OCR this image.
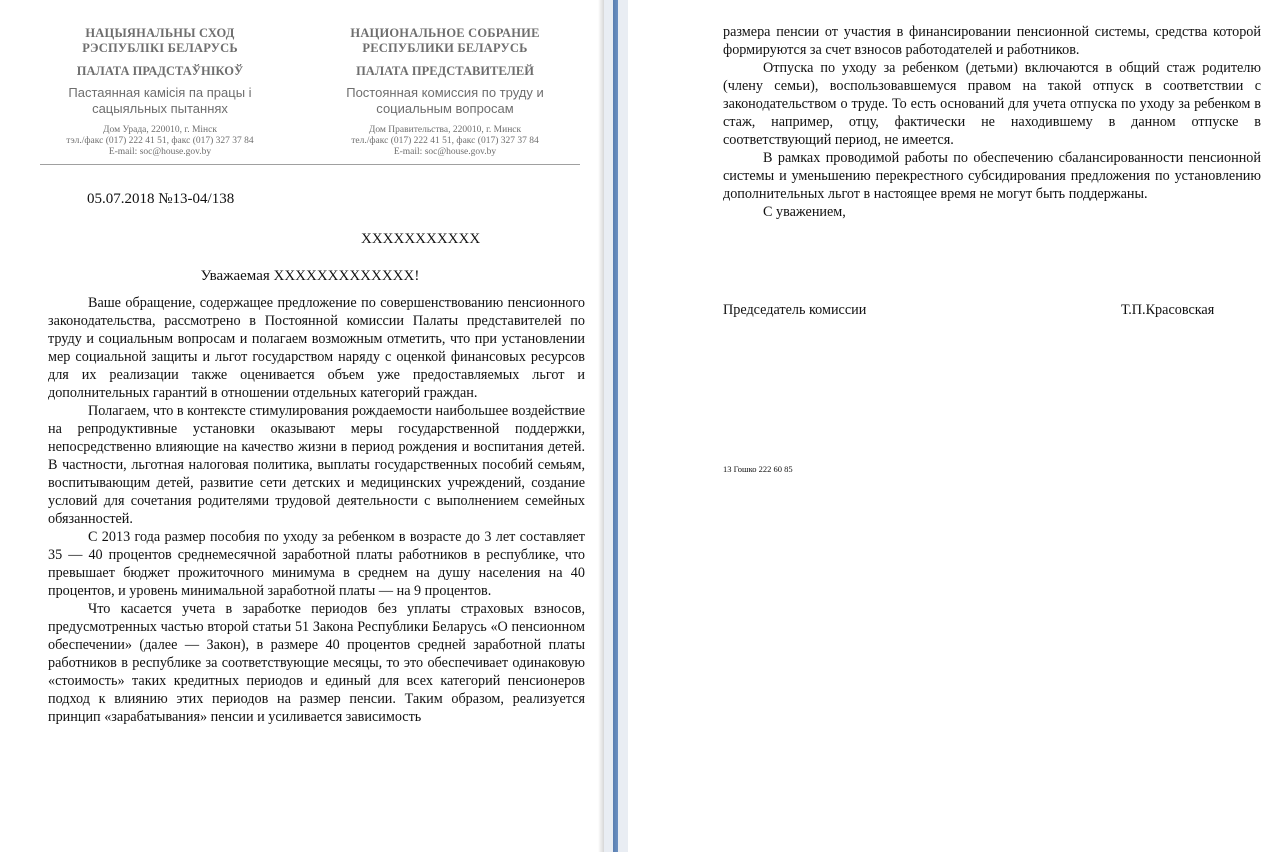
НАЦЫЯНАЛЬНЫ СХОД
РЭСПУБЛІКІ БЕЛАРУСЬ
ПАЛАТА ПРАДСТАЎНІКОЎ
Пастаянная камісія па працы і
сацыяльных пытаннях
Дом Урада, 220010, г. Мінск
тэл./факс (017) 222 41 51, факс (017) 327 37 84
E-mail: soc@house.gov.by
НАЦИОНАЛЬНОЕ СОБРАНИЕ
РЕСПУБЛИКИ БЕЛАРУСЬ
ПАЛАТА ПРЕДСТАВИТЕЛЕЙ
Постоянная комиссия по труду и
социальным вопросам
Дом Правительства, 220010, г. Минск
тел./факс (017) 222 41 51, факс (017) 327 37 84
E-mail: soc@house.gov.by
05.07.2018 №13-04/138
ХХХХХХХХХХХ
Уважаемая ХХХХХХХХХХХХХ!

Ваше обращение, содержащее предложение по совершенствованию пенсионного законодательства, рассмотрено в Постоянной комиссии Палаты представителей по труду и социальным вопросам и полагаем возможным отметить, что при установлении мер социальной защиты и льгот государством наряду с оценкой финансовых ресурсов для их реализации также оценивается объем уже предоставляемых льгот и дополнительных гарантий в отношении отдельных категорий граждан.

Полагаем, что в контексте стимулирования рождаемости наибольшее воздействие на репродуктивные установки оказывают меры государственной поддержки, непосредственно влияющие на качество жизни в период рождения и воспитания детей. В частности, льготная налоговая политика, выплаты государственных пособий семьям, воспитывающим детей, развитие сети детских и медицинских учреждений, создание условий для сочетания родителями трудовой деятельности с выполнением семейных обязанностей.

С 2013 года размер пособия по уходу за ребенком в возрасте до 3 лет составляет 35 — 40 процентов среднемесячной заработной платы работников в республике, что превышает бюджет прожиточного минимума в среднем на душу населения на 40 процентов, и уровень минимальной заработной платы — на 9 процентов.

Что касается учета в заработке периодов без уплаты страховых взносов, предусмотренных частью второй статьи 51 Закона Республики Беларусь «О пенсионном обеспечении» (далее — Закон), в размере 40 процентов средней заработной платы работников в республике за соответствующие месяцы, то это обеспечивает одинаковую «стоимость» таких кредитных периодов и единый для всех категорий пенсионеров подход к влиянию этих периодов на размер пенсии. Таким образом, реализуется принцип «зарабатывания» пенсии и усиливается зависимость

размера пенсии от участия в финансировании пенсионной системы, средства которой формируются за счет взносов работодателей и работников.

Отпуска по уходу за ребенком (детьми) включаются в общий стаж родителю (члену семьи), воспользовавшемуся правом на такой отпуск в соответствии с законодательством о труде. То есть оснований для учета отпуска по уходу за ребенком в стаж, например, отцу, фактически не находившему в данном отпуске в соответствующий период, не имеется.

В рамках проводимой работы по обеспечению сбалансированности пенсионной системы и уменьшению перекрестного субсидирования предложения по установлению дополнительных льгот в настоящее время не могут быть поддержаны.

С уважением,

Председатель комиссии	Т.П.Красовская
13 Гошко 222 60 85
